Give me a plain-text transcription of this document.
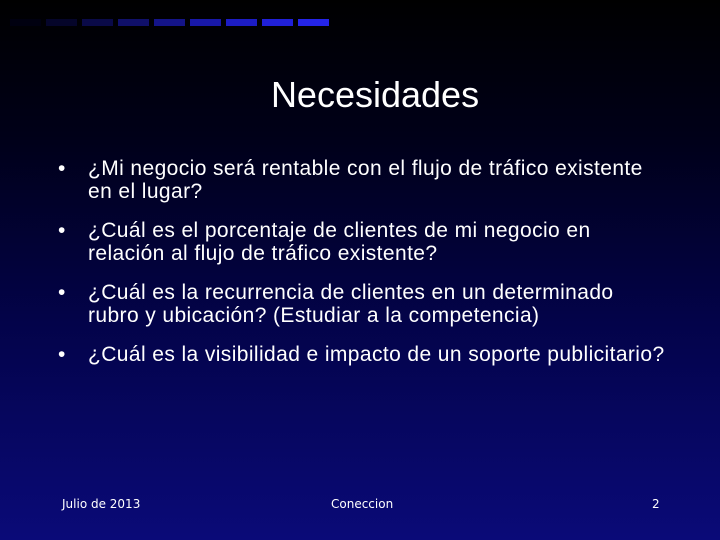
Necesidades
• ¿Mi negocio será rentable con el flujo de tráfico existente en el lugar?
• ¿Cuál es el porcentaje de clientes de mi negocio en relación al flujo de tráfico existente?
• ¿Cuál es la recurrencia de clientes en un determinado rubro y ubicación? (Estudiar a la competencia)
• ¿Cuál es la visibilidad e impacto de un soporte publicitario?
Julio de 2013	Coneccion	2
